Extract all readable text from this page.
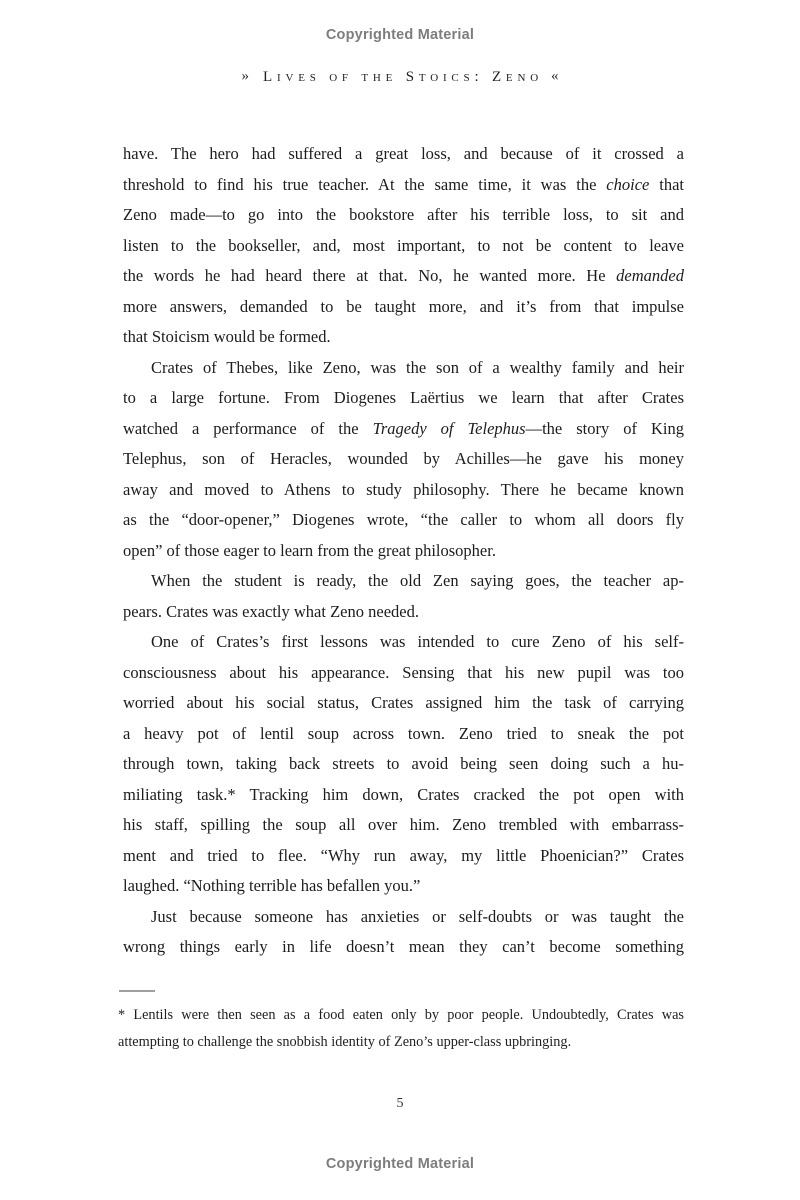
Copyrighted Material
» Lives of the Stoics: Zeno «
have. The hero had suffered a great loss, and because of it crossed a
threshold to find his true teacher. At the same time, it was the choice that
Zeno made—to go into the bookstore after his terrible loss, to sit and
listen to the bookseller, and, most important, to not be content to leave
the words he had heard there at that. No, he wanted more. He demanded
more answers, demanded to be taught more, and it’s from that impulse
that Stoicism would be formed.
Crates of Thebes, like Zeno, was the son of a wealthy family and heir
to a large fortune. From Diogenes Laërtius we learn that after Crates
watched a performance of the Tragedy of Telephus—the story of King
Telephus, son of Heracles, wounded by Achilles—he gave his money
away and moved to Athens to study philosophy. There he became known
as the “door-opener,” Diogenes wrote, “the caller to whom all doors fly
open” of those eager to learn from the great philosopher.
When the student is ready, the old Zen saying goes, the teacher ap-
pears. Crates was exactly what Zeno needed.
One of Crates’s first lessons was intended to cure Zeno of his self-
consciousness about his appearance. Sensing that his new pupil was too
worried about his social status, Crates assigned him the task of carrying
a heavy pot of lentil soup across town. Zeno tried to sneak the pot
through town, taking back streets to avoid being seen doing such a hu-
miliating task.* Tracking him down, Crates cracked the pot open with
his staff, spilling the soup all over him. Zeno trembled with embarrass-
ment and tried to flee. “Why run away, my little Phoenician?” Crates
laughed. “Nothing terrible has befallen you.”
Just because someone has anxieties or self-doubts or was taught the
wrong things early in life doesn’t mean they can’t become something
* Lentils were then seen as a food eaten only by poor people. Undoubtedly, Crates was
attempting to challenge the snobbish identity of Zeno’s upper-class upbringing.
5
Copyrighted Material
